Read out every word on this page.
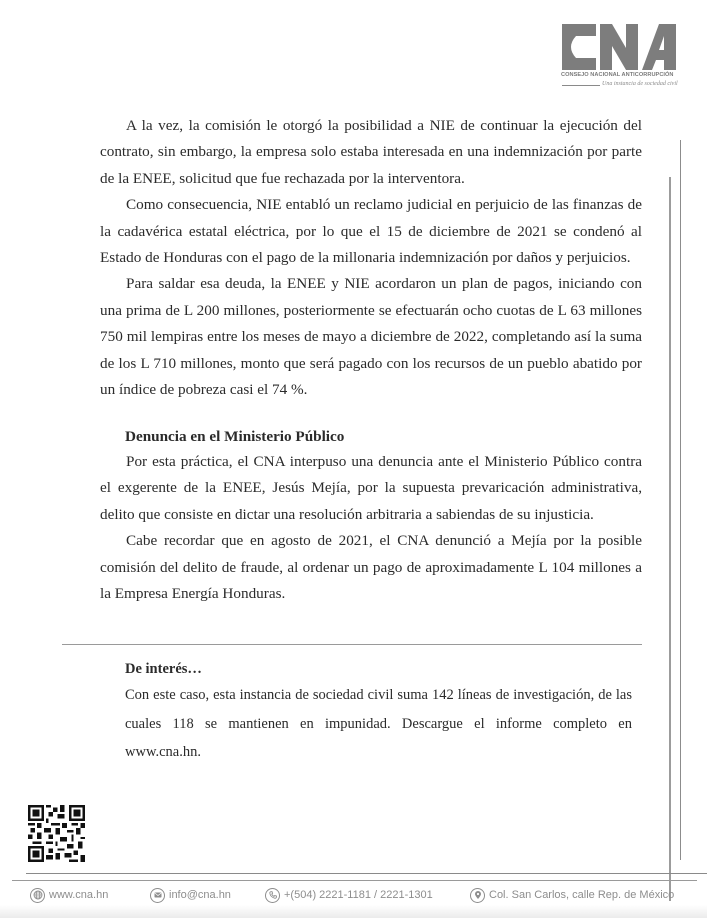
CONSEJO NACIONAL ANTICORRUPCIÓN
Una instancia de sociedad civil

A la vez, la comisión le otorgó la posibilidad a NIE de continuar la ejecución del contrato, sin embargo, la empresa solo estaba interesada en una indemnización por parte de la ENEE, solicitud que fue rechazada por la interventora.

Como consecuencia, NIE entabló un reclamo judicial en perjuicio de las finanzas de la cadavérica estatal eléctrica, por lo que el 15 de diciembre de 2021 se condenó al Estado de Honduras con el pago de la millonaria indemnización por daños y perjuicios.

Para saldar esa deuda, la ENEE y NIE acordaron un plan de pagos, iniciando con una prima de L 200 millones, posteriormente se efectuarán ocho cuotas de L 63 millones 750 mil lempiras entre los meses de mayo a diciembre de 2022, completando así la suma de los L 710 millones, monto que será pagado con los recursos de un pueblo abatido por un índice de pobreza casi el 74 %.

Denuncia en el Ministerio Público

Por esta práctica, el CNA interpuso una denuncia ante el Ministerio Público contra el exgerente de la ENEE, Jesús Mejía, por la supuesta prevaricación administrativa, delito que consiste en dictar una resolución arbitraria a sabiendas de su injusticia.

Cabe recordar que en agosto de 2021, el CNA denunció a Mejía por la posible comisión del delito de fraude, al ordenar un pago de aproximadamente L 104 millones a la Empresa Energía Honduras.

De interés…
Con este caso, esta instancia de sociedad civil suma 142 líneas de investigación, de las cuales 118 se mantienen en impunidad. Descargue el informe completo en www.cna.hn.
www.cna.hn	info@cna.hn	+(504) 2221-1181 / 2221-1301	Col. San Carlos, calle Rep. de México
